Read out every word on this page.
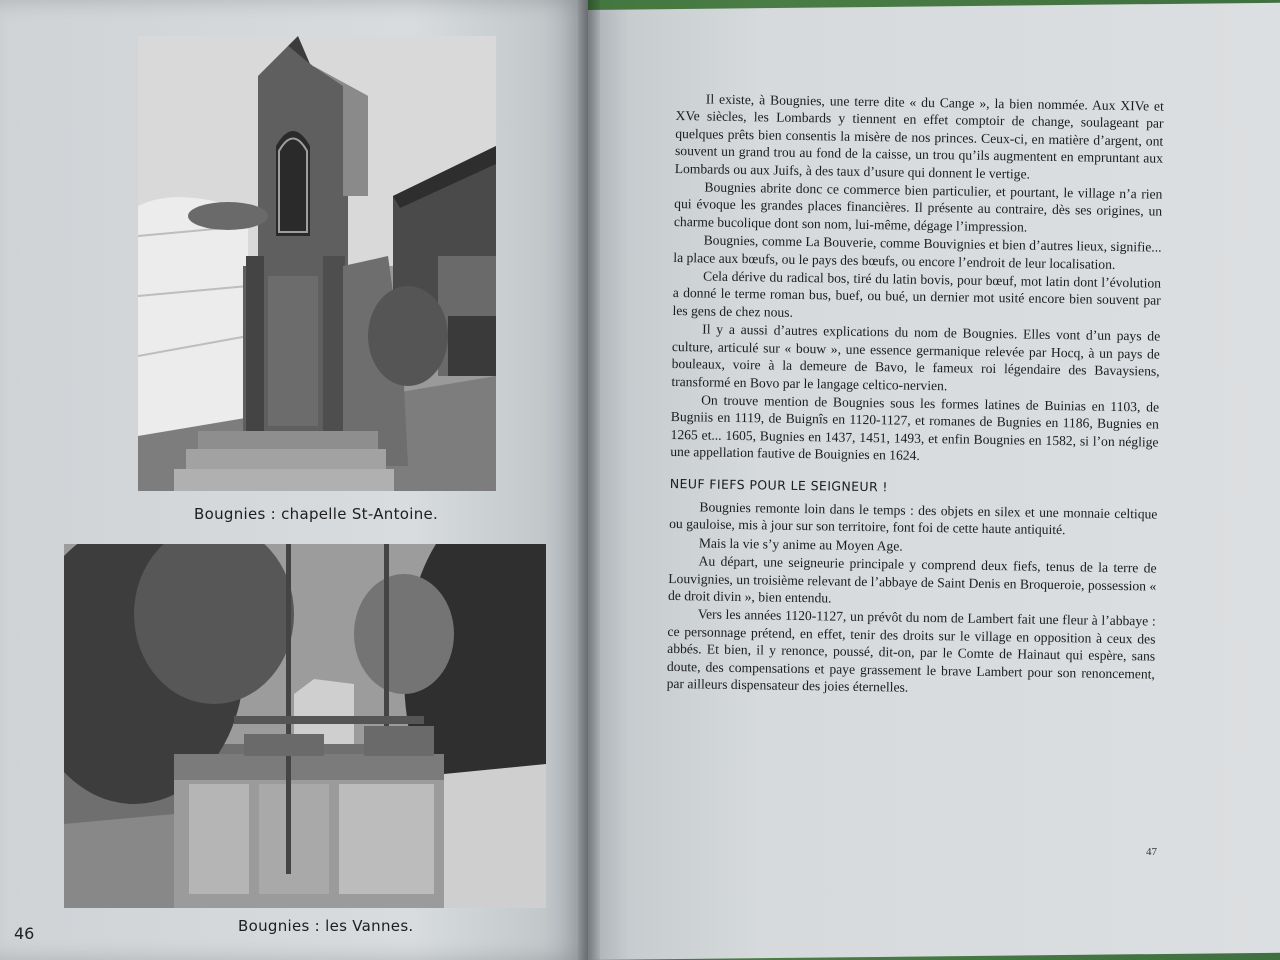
Bougnies : chapelle St-Antoine.
Bougnies : les Vannes.
46

Il existe, à Bougnies, une terre dite « du Cange », la bien nommée. Aux XIVe et XVe siècles, les Lombards y tiennent en effet comptoir de change, soulageant par quelques prêts bien consentis la misère de nos princes. Ceux-ci, en matière d’argent, ont souvent un grand trou au fond de la caisse, un trou qu’ils augmentent en empruntant aux Lombards ou aux Juifs, à des taux d’usure qui donnent le vertige.

Bougnies abrite donc ce commerce bien particulier, et pourtant, le village n’a rien qui évoque les grandes places financières. Il présente au contraire, dès ses origines, un charme bucolique dont son nom, lui-même, dégage l’impression.

Bougnies, comme La Bouverie, comme Bouvignies et bien d’autres lieux, signifie... la place aux bœufs, ou le pays des bœufs, ou encore l’endroit de leur localisation.

Cela dérive du radical bos, tiré du latin bovis, pour bœuf, mot latin dont l’évolution a donné le terme roman bus, buef, ou bué, un dernier mot usité encore bien souvent par les gens de chez nous.

Il y a aussi d’autres explications du nom de Bougnies. Elles vont d’un pays de culture, articulé sur « bouw », une essence germanique relevée par Hocq, à un pays de bouleaux, voire à la demeure de Bavo, le fameux roi légendaire des Bavaysiens, transformé en Bovo par le langage celtico-nervien.

On trouve mention de Bougnies sous les formes latines de Buinias en 1103, de Bugniis en 1119, de Buignîs en 1120-1127, et romanes de Bugnies en 1186, Bugnies en 1265 et... 1605, Bugnies en 1437, 1451, 1493, et enfin Bougnies en 1582, si l’on néglige une appellation fautive de Bouignies en 1624.

NEUF FIEFS POUR LE SEIGNEUR !

Bougnies remonte loin dans le temps : des objets en silex et une monnaie celtique ou gauloise, mis à jour sur son territoire, font foi de cette haute antiquité.

Mais la vie s’y anime au Moyen Age.

Au départ, une seigneurie principale y comprend deux fiefs, tenus de la terre de Louvignies, un troisième relevant de l’abbaye de Saint Denis en Broqueroie, possession « de droit divin », bien entendu.

Vers les années 1120-1127, un prévôt du nom de Lambert fait une fleur à l’abbaye : ce personnage prétend, en effet, tenir des droits sur le village en opposition à ceux des abbés. Et bien, il y renonce, poussé, dit-on, par le Comte de Hainaut qui espère, sans doute, des compensations et paye grassement le brave Lambert pour son renoncement, par ailleurs dispensateur des joies éternelles.

47
